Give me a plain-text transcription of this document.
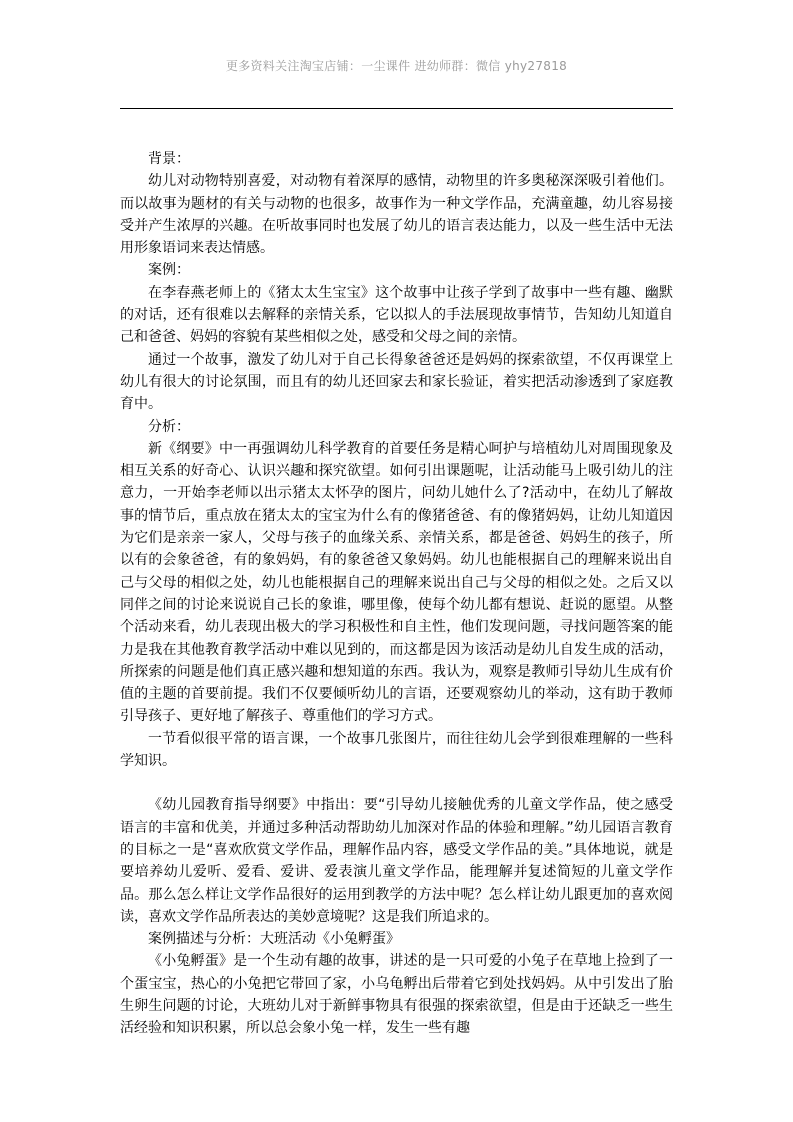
更多资料关注淘宝店铺：一尘课件 进幼师群：微信 yhy27818

背景：

幼儿对动物特别喜爱，对动物有着深厚的感情，动物里的许多奥秘深深吸引着他们。而以故事为题材的有关与动物的也很多，故事作为一种文学作品，充满童趣，幼儿容易接受并产生浓厚的兴趣。在听故事同时也发展了幼儿的语言表达能力，以及一些生活中无法用形象语词来表达情感。

案例：

在李春燕老师上的《猪太太生宝宝》这个故事中让孩子学到了故事中一些有趣、幽默的对话，还有很难以去解释的亲情关系，它以拟人的手法展现故事情节，告知幼儿知道自己和爸爸、妈妈的容貌有某些相似之处，感受和父母之间的亲情。

通过一个故事，激发了幼儿对于自己长得象爸爸还是妈妈的探索欲望，不仅再课堂上幼儿有很大的讨论氛围，而且有的幼儿还回家去和家长验证，着实把活动渗透到了家庭教育中。

分析：

新《纲要》中一再强调幼儿科学教育的首要任务是精心呵护与培植幼儿对周围现象及相互关系的好奇心、认识兴趣和探究欲望。如何引出课题呢，让活动能马上吸引幼儿的注意力，一开始李老师以出示猪太太怀孕的图片，问幼儿她什么了?活动中，在幼儿了解故事的情节后，重点放在猪太太的宝宝为什么有的像猪爸爸、有的像猪妈妈，让幼儿知道因为它们是亲亲一家人，父母与孩子的血缘关系、亲情关系，都是爸爸、妈妈生的孩子，所以有的会象爸爸，有的象妈妈，有的象爸爸又象妈妈。幼儿也能根据自己的理解来说出自己与父母的相似之处，幼儿也能根据自己的理解来说出自己与父母的相似之处。之后又以同伴之间的讨论来说说自己长的象谁，哪里像，使每个幼儿都有想说、赶说的愿望。从整个活动来看，幼儿表现出极大的学习积极性和自主性，他们发现问题，寻找问题答案的能力是我在其他教育教学活动中难以见到的，而这都是因为该活动是幼儿自发生成的活动，所探索的问题是他们真正感兴趣和想知道的东西。我认为，观察是教师引导幼儿生成有价值的主题的首要前提。我们不仅要倾听幼儿的言语，还要观察幼儿的举动，这有助于教师引导孩子、更好地了解孩子、尊重他们的学习方式。

一节看似很平常的语言课，一个故事几张图片，而往往幼儿会学到很难理解的一些科学知识。

《幼儿园教育指导纲要》中指出：要“引导幼儿接触优秀的儿童文学作品，使之感受语言的丰富和优美，并通过多种活动帮助幼儿加深对作品的体验和理解。”幼儿园语言教育的目标之一是“喜欢欣赏文学作品，理解作品内容，感受文学作品的美。”具体地说，就是要培养幼儿爱听、爱看、爱讲、爱表演儿童文学作品，能理解并复述简短的儿童文学作品。那么怎么样让文学作品很好的运用到教学的方法中呢？怎么样让幼儿跟更加的喜欢阅读，喜欢文学作品所表达的美妙意境呢？这是我们所追求的。

案例描述与分析：大班活动《小兔孵蛋》

《小兔孵蛋》是一个生动有趣的故事，讲述的是一只可爱的小兔子在草地上捡到了一个蛋宝宝，热心的小兔把它带回了家，小乌龟孵出后带着它到处找妈妈。从中引发出了胎生卵生问题的讨论，大班幼儿对于新鲜事物具有很强的探索欲望，但是由于还缺乏一些生活经验和知识积累，所以总会象小兔一样，发生一些有趣
